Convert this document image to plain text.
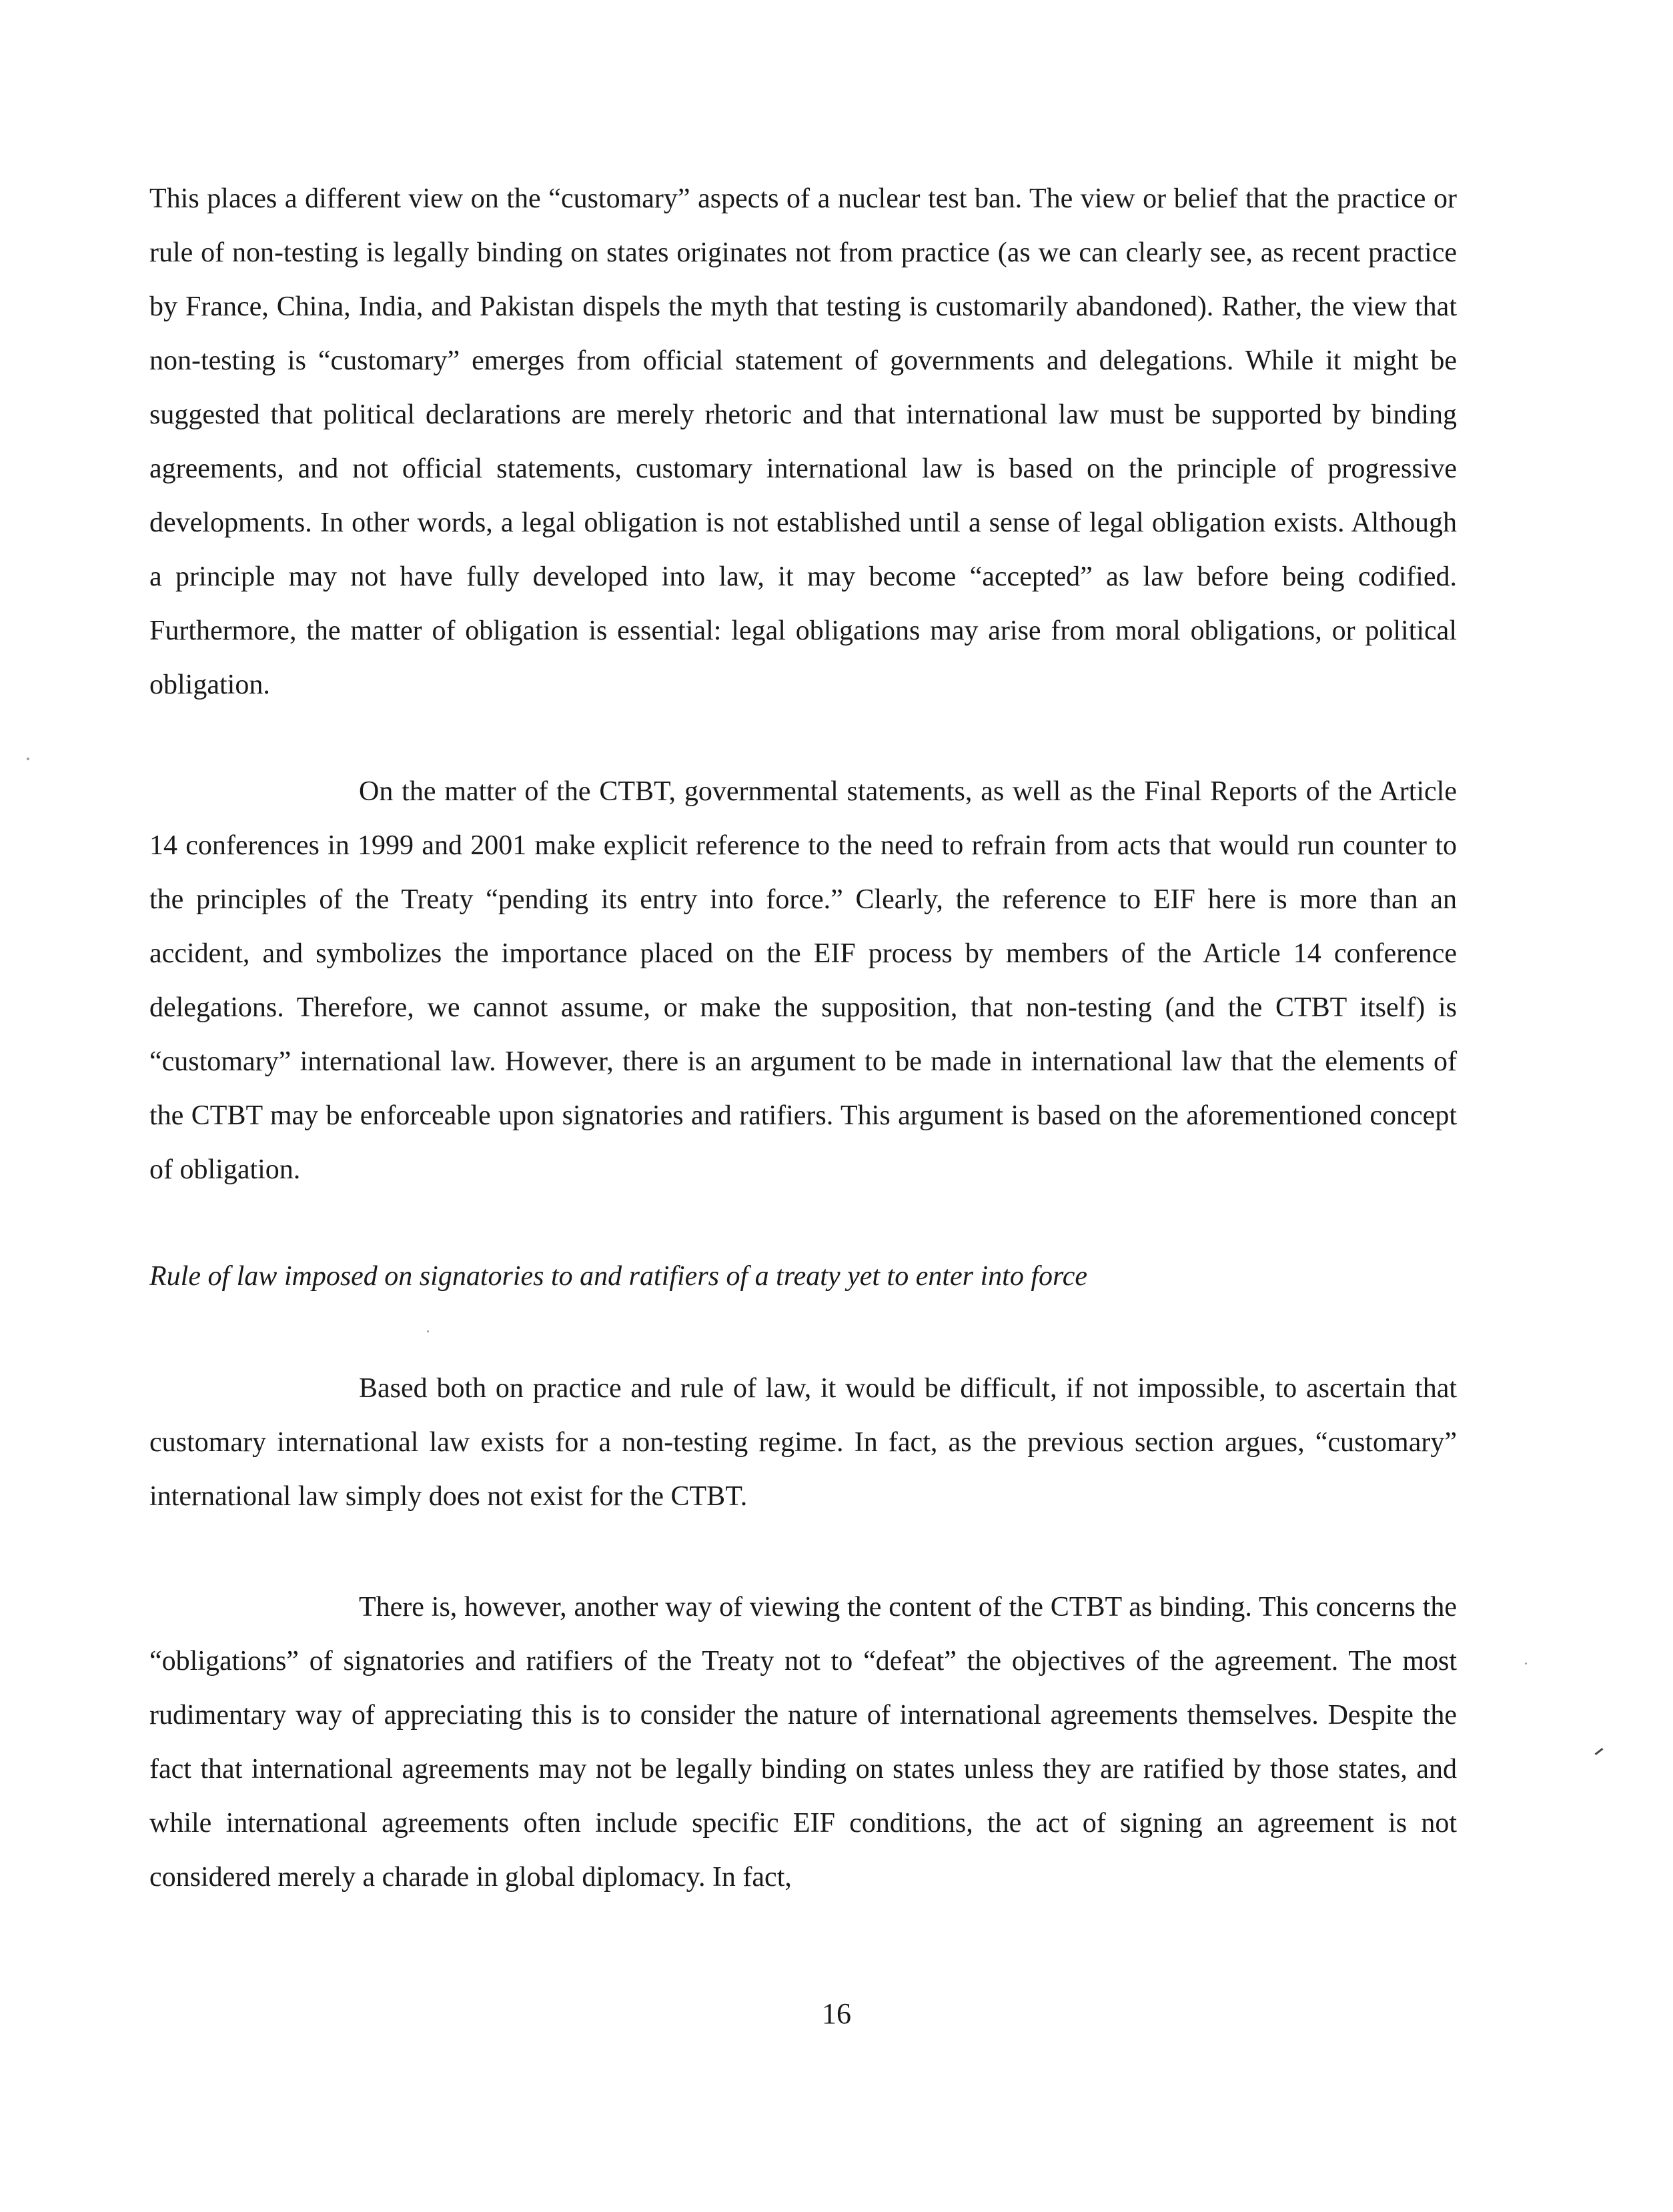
This places a different view on the “customary” aspects of a nuclear test ban. The view or belief that the practice or rule of non-testing is legally binding on states originates not from practice (as we can clearly see, as recent practice by France, China, India, and Pakistan dispels the myth that testing is customarily abandoned). Rather, the view that non-testing is “customary” emerges from official statement of governments and delegations. While it might be suggested that political declarations are merely rhetoric and that international law must be supported by binding agreements, and not official statements, customary international law is based on the principle of progressive developments. In other words, a legal obligation is not established until a sense of legal obligation exists. Although a principle may not have fully developed into law, it may become “accepted” as law before being codified. Furthermore, the matter of obligation is essential: legal obligations may arise from moral obligations, or political obligation.

On the matter of the CTBT, governmental statements, as well as the Final Reports of the Article 14 conferences in 1999 and 2001 make explicit reference to the need to refrain from acts that would run counter to the principles of the Treaty “pending its entry into force.” Clearly, the reference to EIF here is more than an accident, and symbolizes the importance placed on the EIF process by members of the Article 14 conference delegations. Therefore, we cannot assume, or make the supposition, that non-testing (and the CTBT itself) is “customary” international law. However, there is an argument to be made in international law that the elements of the CTBT may be enforceable upon signatories and ratifiers. This argument is based on the aforementioned concept of obligation.

Rule of law imposed on signatories to and ratifiers of a treaty yet to enter into force

Based both on practice and rule of law, it would be difficult, if not impossible, to ascertain that customary international law exists for a non-testing regime. In fact, as the previous section argues, “customary” international law simply does not exist for the CTBT.

There is, however, another way of viewing the content of the CTBT as binding. This concerns the “obligations” of signatories and ratifiers of the Treaty not to “defeat” the objectives of the agreement. The most rudimentary way of appreciating this is to consider the nature of international agreements themselves. Despite the fact that international agreements may not be legally binding on states unless they are ratified by those states, and while international agreements often include specific EIF conditions, the act of signing an agreement is not considered merely a charade in global diplomacy. In fact,

16
